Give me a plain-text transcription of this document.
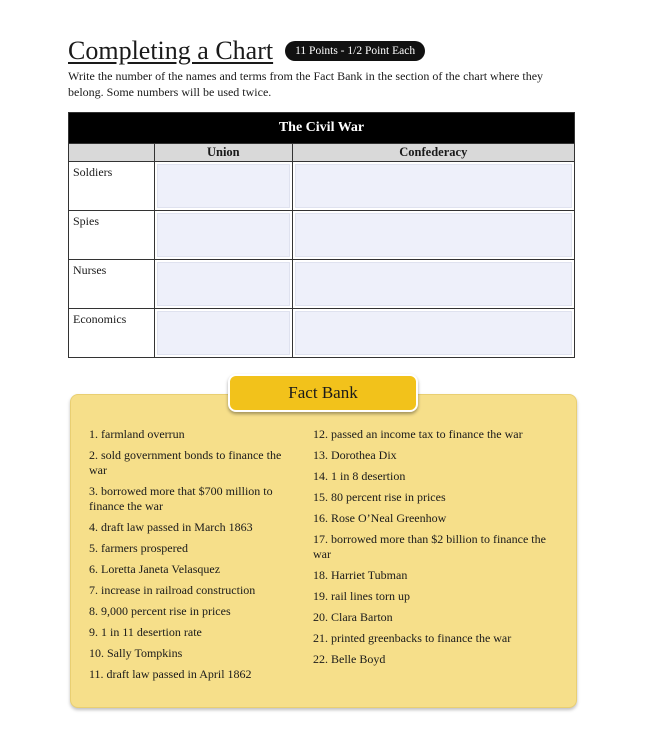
Completing a Chart	11 Points - 1/2 Point Each
Write the number of the names and terms from the Fact Bank in the section of the chart where they belong. Some numbers will be used twice.
The Civil War		
	Union	Confederacy
Soldiers	

Spies	

Nurses	

Economics	

1. farmland overrun
2. sold government bonds to finance the war
3. borrowed more that $700 million to finance the war
4. draft law passed in March 1863
5. farmers prospered
6. Loretta Janeta Velasquez
7. increase in railroad construction
8. 9,000 percent rise in prices
9. 1 in 11 desertion rate
10. Sally Tompkins
11. draft law passed in April 1862
12. passed an income tax to finance the war
13. Dorothea Dix
14. 1 in 8 desertion
15. 80 percent rise in prices
16. Rose O’Neal Greenhow
17. borrowed more than $2 billion to finance the war
18. Harriet Tubman
19. rail lines torn up
20. Clara Barton
21. printed greenbacks to finance the war
22. Belle Boyd
Fact Bank
